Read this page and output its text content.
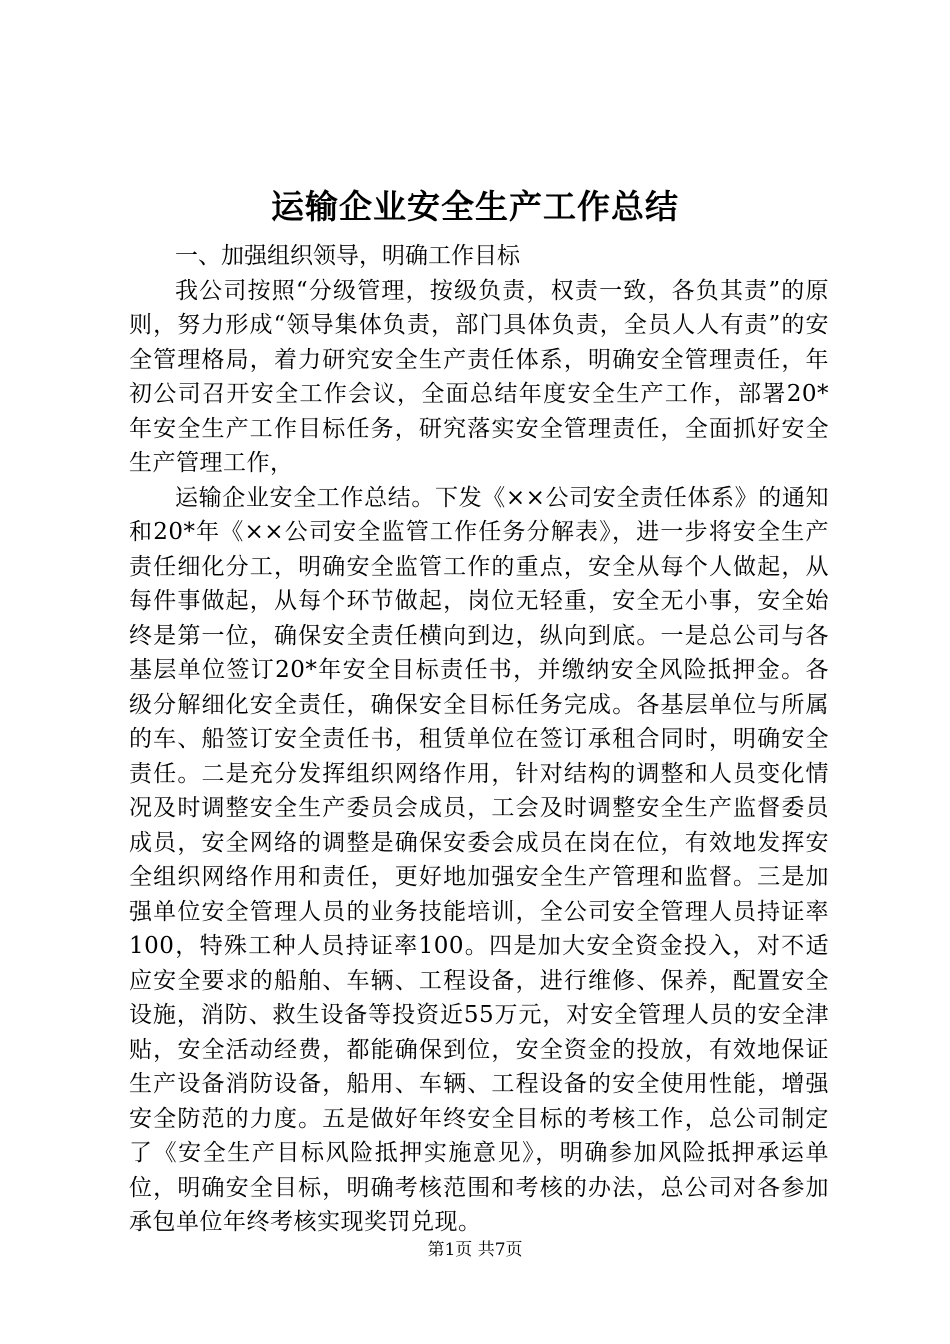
运输企业安全生产工作总结

一、加强组织领导，明确工作目标

我公司按照“分级管理，按级负责，权责一致，各负其责”的原则，努力形成“领导集体负责，部门具体负责，全员人人有责”的安全管理格局，着力研究安全生产责任体系，明确安全管理责任，年初公司召开安全工作会议，全面总结年度安全生产工作，部署20*年安全生产工作目标任务，研究落实安全管理责任，全面抓好安全生产管理工作，

运输企业安全工作总结。下发《××公司安全责任体系》的通知和20*年《××公司安全监管工作任务分解表》，进一步将安全生产责任细化分工，明确安全监管工作的重点，安全从每个人做起，从每件事做起，从每个环节做起，岗位无轻重，安全无小事，安全始终是第一位，确保安全责任横向到边，纵向到底。一是总公司与各基层单位签订20*年安全目标责任书，并缴纳安全风险抵押金。各级分解细化安全责任，确保安全目标任务完成。各基层单位与所属的车、船签订安全责任书，租赁单位在签订承租合同时，明确安全责任。二是充分发挥组织网络作用，针对结构的调整和人员变化情况及时调整安全生产委员会成员，工会及时调整安全生产监督委员成员，安全网络的调整是确保安委会成员在岗在位，有效地发挥安全组织网络作用和责任，更好地加强安全生产管理和监督。三是加强单位安全管理人员的业务技能培训，全公司安全管理人员持证率100，特殊工种人员持证率100。四是加大安全资金投入，对不适应安全要求的船舶、车辆、工程设备，进行维修、保养，配置安全设施，消防、救生设备等投资近55万元，对安全管理人员的安全津贴，安全活动经费，都能确保到位，安全资金的投放，有效地保证生产设备消防设备，船用、车辆、工程设备的安全使用性能，增强安全防范的力度。五是做好年终安全目标的考核工作，总公司制定了《安全生产目标风险抵押实施意见》，明确参加风险抵押承运单位，明确安全目标，明确考核范围和考核的办法，总公司对各参加承包单位年终考核实现奖罚兑现。

第1页 共7页
